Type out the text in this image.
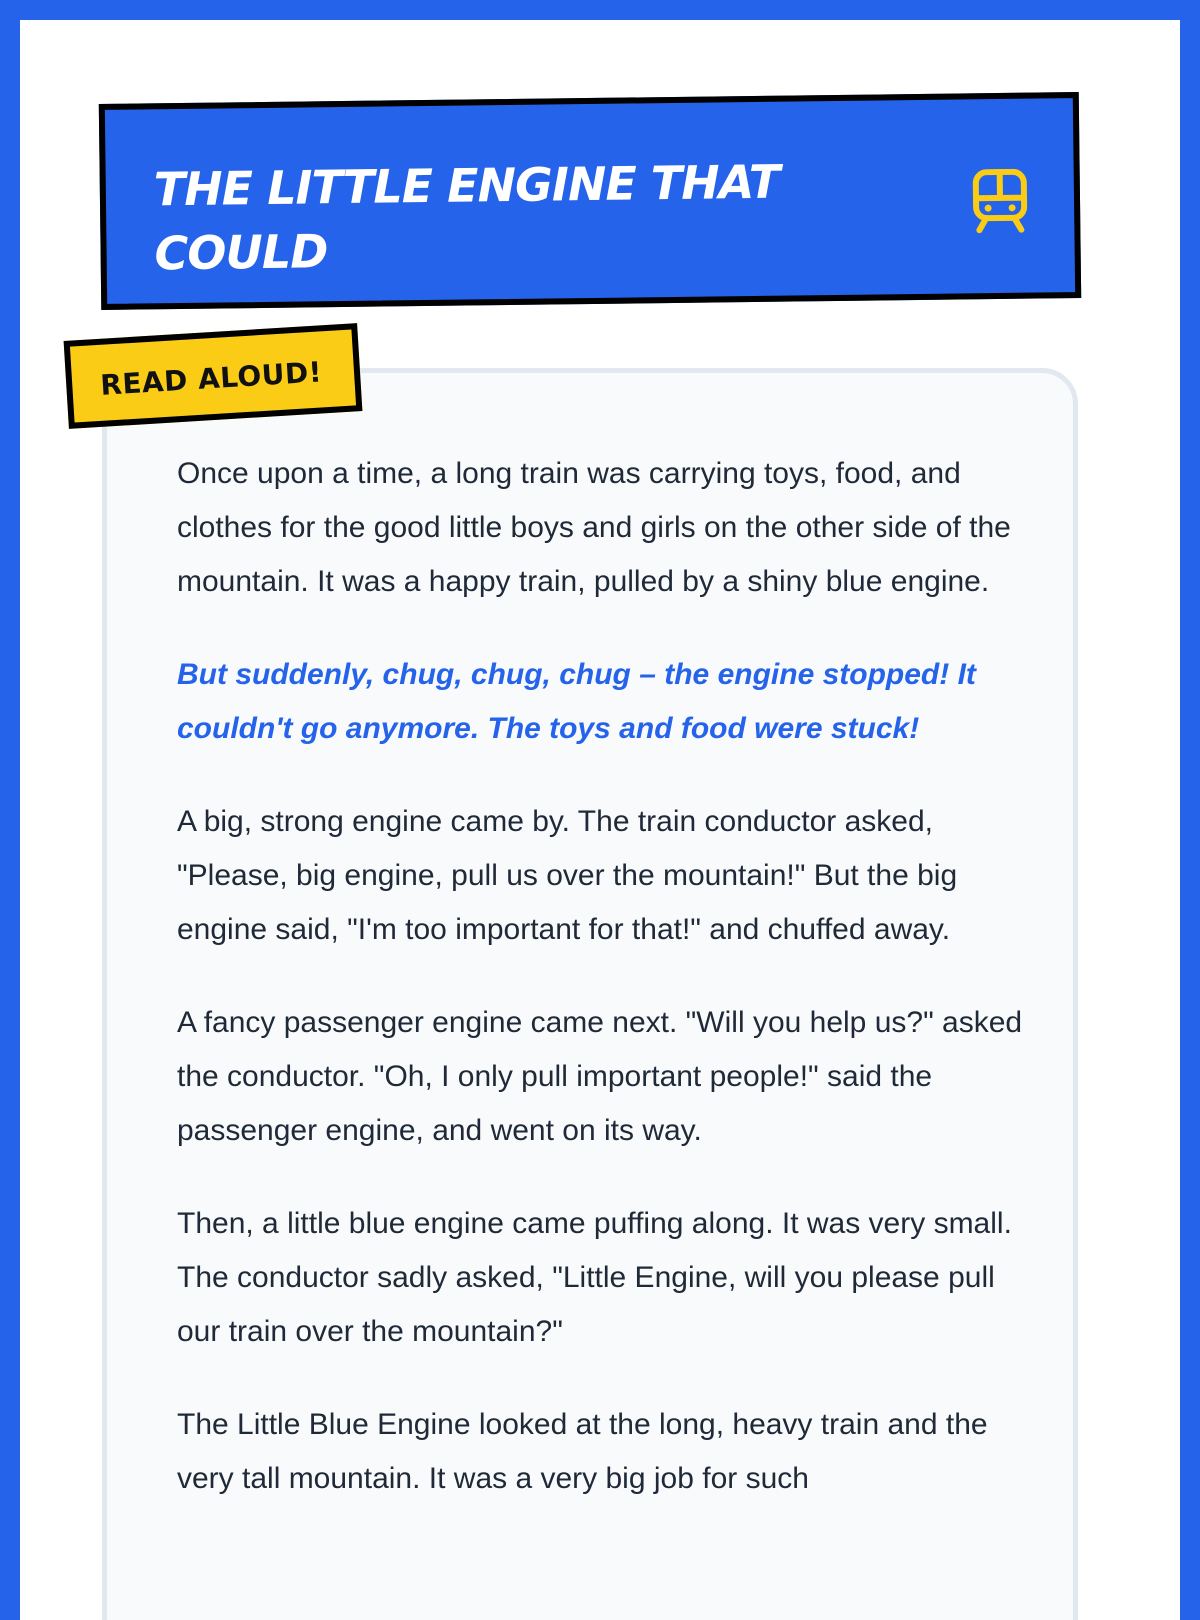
THE LITTLE ENGINE THAT COULD
READ ALOUD!

Once upon a time, a long train was carrying toys, food, and clothes for the good little boys and girls on the other side of the mountain. It was a happy train, pulled by a shiny blue engine.

But suddenly, chug, chug, chug – the engine stopped! It couldn't go anymore. The toys and food were stuck!

A big, strong engine came by. The train conductor asked, "Please, big engine, pull us over the mountain!" But the big engine said, "I'm too important for that!" and chuffed away.

A fancy passenger engine came next. "Will you help us?" asked the conductor. "Oh, I only pull important people!" said the passenger engine, and went on its way.

Then, a little blue engine came puffing along. It was very small. The conductor sadly asked, "Little Engine, will you please pull our train over the mountain?"

The Little Blue Engine looked at the long, heavy train and the very tall mountain. It was a very big job for such
